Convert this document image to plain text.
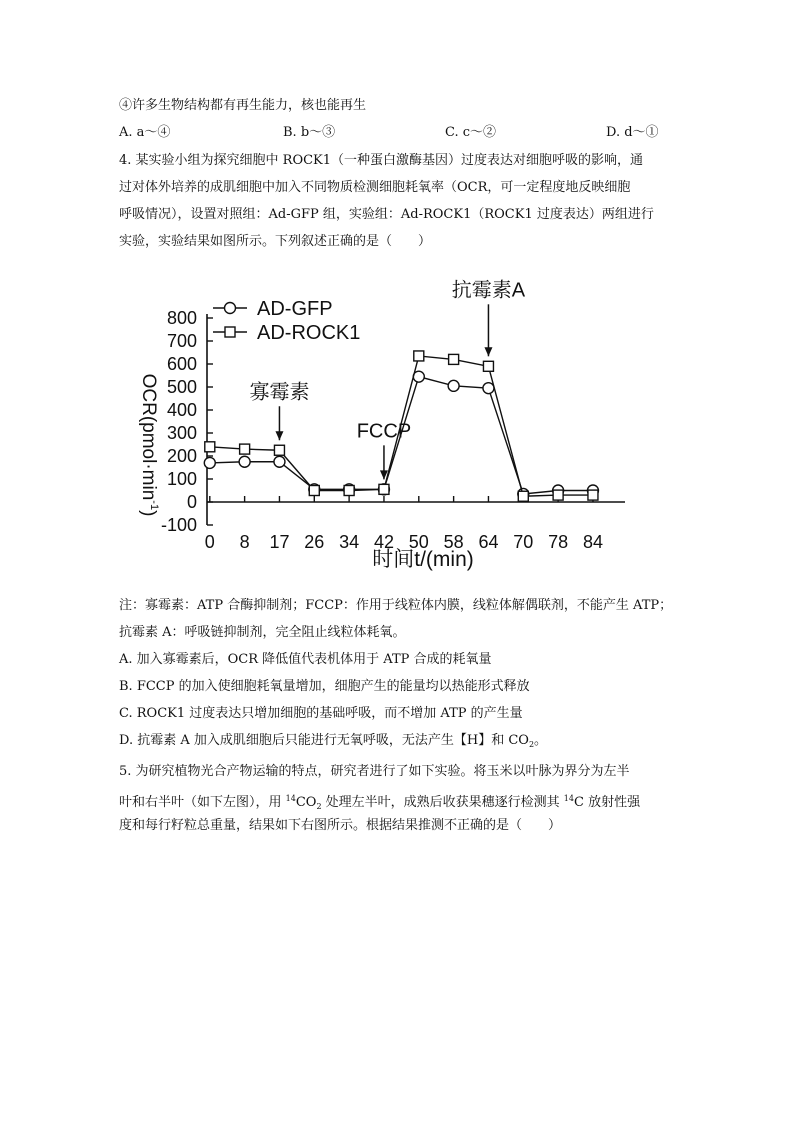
④许多生物结构都有再生能力，核也能再生
A. a～④	B. b～③	C. c～②	D. d～①
4. 某实验小组为探究细胞中 ROCK1（一种蛋白激酶基因）过度表达对细胞呼吸的影响，通
过对体外培养的成肌细胞中加入不同物质检测细胞耗氧率（OCR，可一定程度地反映细胞
呼吸情况），设置对照组：Ad-GFP 组，实验组：Ad-ROCK1（ROCK1 过度表达）两组进行
实验，实验结果如图所示。下列叙述正确的是（　　）
$OCR(pmol\cdot\min^{-1})$
800
700
600
500
400
300
200
100
0
-100
0 8 17 26 34 42 50 58 64 70 78 84
寡霉素
FCCP
抗霉素A
AD-GFP
AD-ROCK1
时间t/(min)
注：寡霉素：ATP 合酶抑制剂；FCCP：作用于线粒体内膜，线粒体解偶联剂，不能产生 ATP；
抗霉素 A：呼吸链抑制剂，完全阻止线粒体耗氧。
A. 加入寡霉素后，OCR 降低值代表机体用于 ATP 合成的耗氧量
B. FCCP 的加入使细胞耗氧量增加，细胞产生的能量均以热能形式释放
C. ROCK1 过度表达只增加细胞的基础呼吸，而不增加 ATP 的产生量
D. 抗霉素 A 加入成肌细胞后只能进行无氧呼吸，无法产生【H】和 $CO_2$。
5. 为研究植物光合产物运输的特点，研究者进行了如下实验。将玉米以叶脉为界分为左半
叶和右半叶（如下左图），用 $^{14}CO_2$ 处理左半叶，成熟后收获果穗逐行检测其 $^{14}$C 放射性强
度和每行籽粒总重量，结果如下右图所示。根据结果推测不正确的是（　　）
